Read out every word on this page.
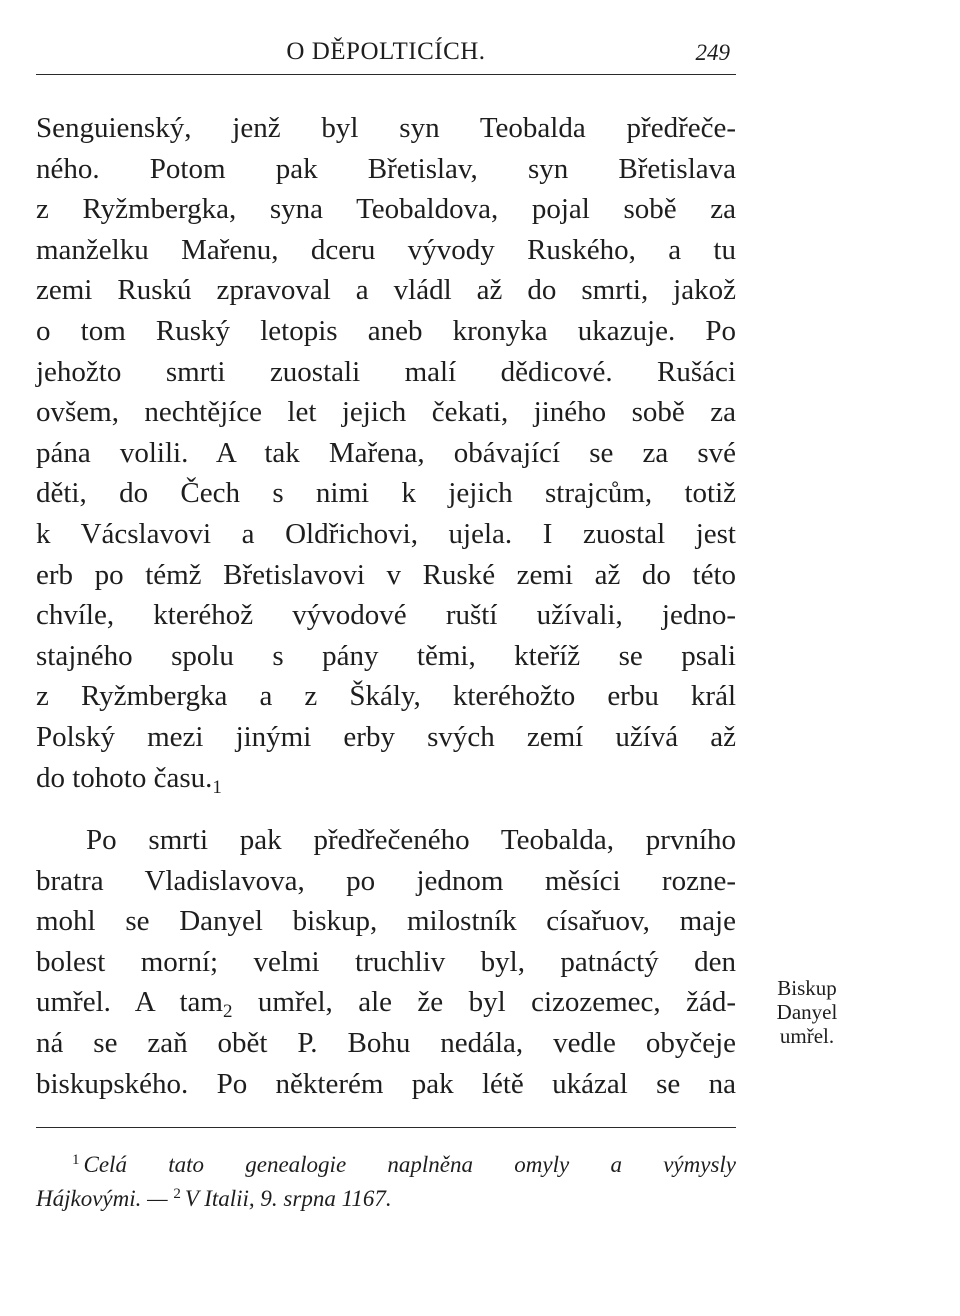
O DĚPOLTICÍCH.	249
Senguienský, jenž byl syn Teobalda předřeče-
ného. Potom pak Břetislav, syn Břetislava
z Ryžmbergka, syna Teobaldova, pojal sobě za
manželku Mařenu, dceru vývody Ruského, a tu
zemi Ruskú zpravoval a vládl až do smrti, jakož
o tom Ruský letopis aneb kronyka ukazuje. Po
jehožto smrti zuostali malí dědicové. Rušáci
ovšem, nechtějíce let jejich čekati, jiného sobě za
pána volili. A tak Mařena, obávající se za své
děti, do Čech s nimi k jejich strajcům, totiž
k Vácslavovi a Oldřichovi, ujela. I zuostal jest
erb po témž Břetislavovi v Ruské zemi až do této
chvíle, kteréhož vývodové ruští užívali, jedno-
stajného spolu s pány těmi, kteříž se psali
z Ryžmbergka a z Škály, kteréhožto erbu král
Polský mezi jinými erby svých zemí užívá až
do tohoto $času._1$
Po smrti pak předřečeného Teobalda, prvního
bratra Vladislavova, po jednom měsíci rozne-
mohl se Danyel biskup, milostník císařuov, maje
bolest morní; velmi truchliv byl, patnáctý den
umřel. A tam$_2$ umřel, ale že byl cizozemec, žád-
ná se zaň obět P. Bohu nedála, vedle obyčeje
biskupského. Po některém pak létě ukázal se na
Biskup
Danyel
umřel.
$^1$ Celá tato genealogie naplněna omyly a výmysly
Hájkovými. — $^2$ V Italii, 9. srpna 1167.
